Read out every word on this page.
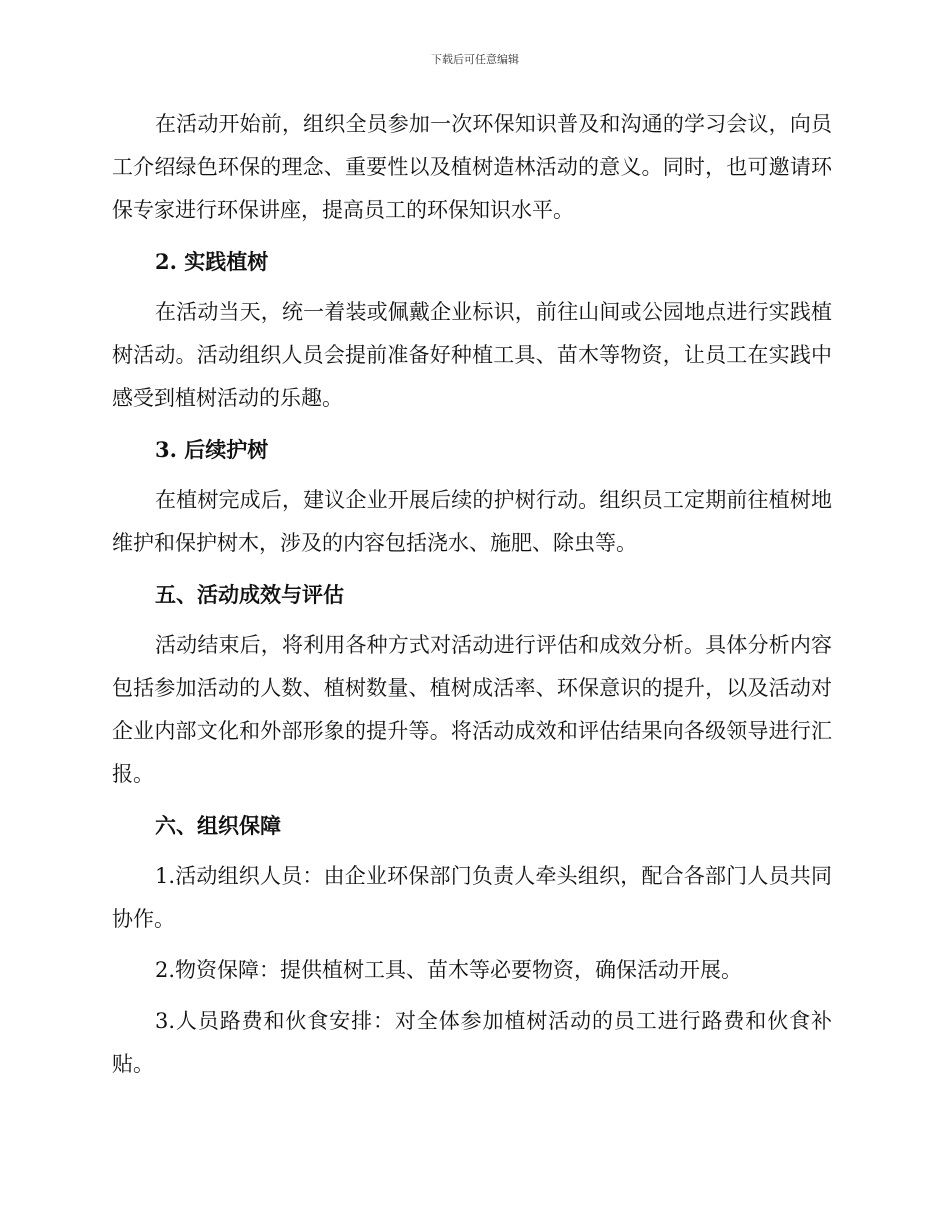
下载后可任意编辑

在活动开始前，组织全员参加一次环保知识普及和沟通的学习会议，向员工介绍绿色环保的理念、重要性以及植树造林活动的意义。同时，也可邀请环保专家进行环保讲座，提高员工的环保知识水平。

2. 实践植树

在活动当天，统一着装或佩戴企业标识，前往山间或公园地点进行实践植树活动。活动组织人员会提前准备好种植工具、苗木等物资，让员工在实践中感受到植树活动的乐趣。

3. 后续护树

在植树完成后，建议企业开展后续的护树行动。组织员工定期前往植树地维护和保护树木，涉及的内容包括浇水、施肥、除虫等。

五、活动成效与评估

活动结束后，将利用各种方式对活动进行评估和成效分析。具体分析内容包括参加活动的人数、植树数量、植树成活率、环保意识的提升，以及活动对企业内部文化和外部形象的提升等。将活动成效和评估结果向各级领导进行汇报。

六、组织保障

1.活动组织人员：由企业环保部门负责人牵头组织，配合各部门人员共同协作。

2.物资保障：提供植树工具、苗木等必要物资，确保活动开展。

3.人员路费和伙食安排：对全体参加植树活动的员工进行路费和伙食补贴。
